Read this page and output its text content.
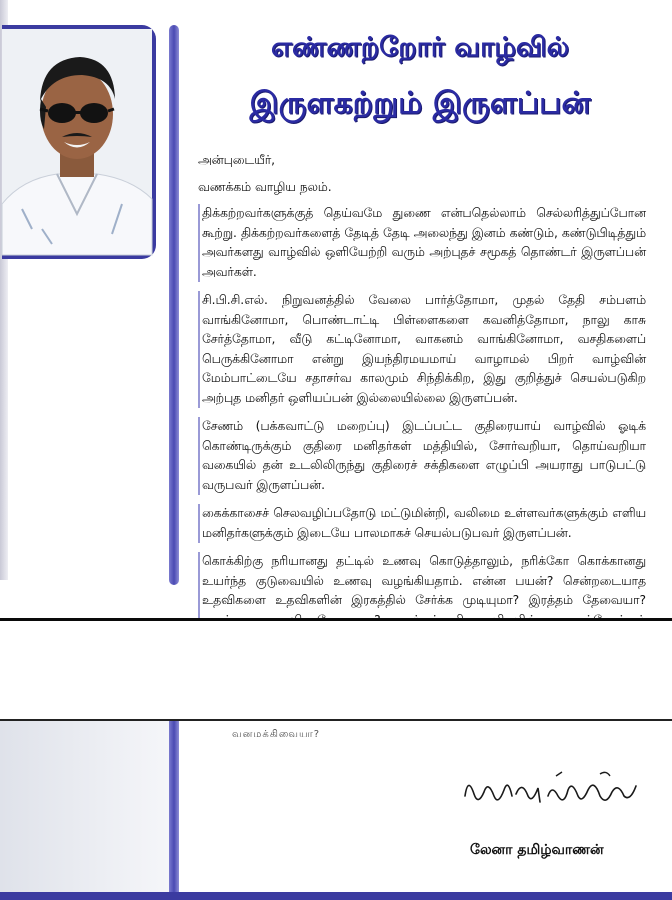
எண்ணற்றோர் வாழ்வில்
இருளகற்றும் இருளப்பன்

அன்புடையீர்,

வணக்கம் வாழிய நலம்.

திக்கற்றவர்களுக்குத் தெய்வமே துணை என்பதெல்லாம் செல்லரித்துப்போன கூற்று. திக்கற்றவர்களைத் தேடித் தேடி அலைந்து இனம் கண்டும், கண்டுபிடித்தும் அவர்களது வாழ்வில் ஒளியேற்றி வரும் அற்புதச் சமூகத் தொண்டர் இருளப்பன் அவர்கள்.

சி.பி.சி.எல். நிறுவனத்தில் வேலை பார்த்தோமா, முதல் தேதி சம்பளம் வாங்கினோமா, பொண்டாட்டி பிள்ளைகளை கவனித்தோமா, நாலு காசு சேர்த்தோமா, வீடு கட்டினோமா, வாகனம் வாங்கினோமா, வசதிகளைப் பெருக்கினோமா என்று இயந்திரமயமாய் வாழாமல் பிறர் வாழ்வின் மேம்பாட்டையே சதாசர்வ காலமும் சிந்திக்கிற, இது குறித்துச் செயல்படுகிற அற்புத மனிதர் ஒளியப்பன் இல்லையில்லை இருளப்பன்.

சேணம் (பக்கவாட்டு மறைப்பு) இடப்பட்ட குதிரையாய் வாழ்வில் ஓடிக் கொண்டிருக்கும் குதிரை மனிதர்கள் மத்தியில், சோர்வறியா, தொய்வறியா வகையில் தன் உடலிலிருந்து குதிரைச் சக்திகளை எழுப்பி அயராது பாடுபட்டு வருபவர் இருளப்பன்.

கைக்காசைச் செலவழிப்பதோடு மட்டுமின்றி, வலிமை உள்ளவர்களுக்கும் எளிய மனிதர்களுக்கும் இடையே பாலமாகச் செயல்படுபவர் இருளப்பன்.

கொக்கிற்கு நரியானது தட்டில் உணவு கொடுத்தாலும், நரிக்கோ கொக்கானது உயர்ந்த குடுவையில் உணவு வழங்கியதாம். என்ன பயன்? சென்றடையாத உதவிகளை உதவிகளின் இரகத்தில் சேர்க்க முடியுமா? இரத்தம் தேவையா?

வனமக்கிவையா?
லேனா தமிழ்வாணன்
